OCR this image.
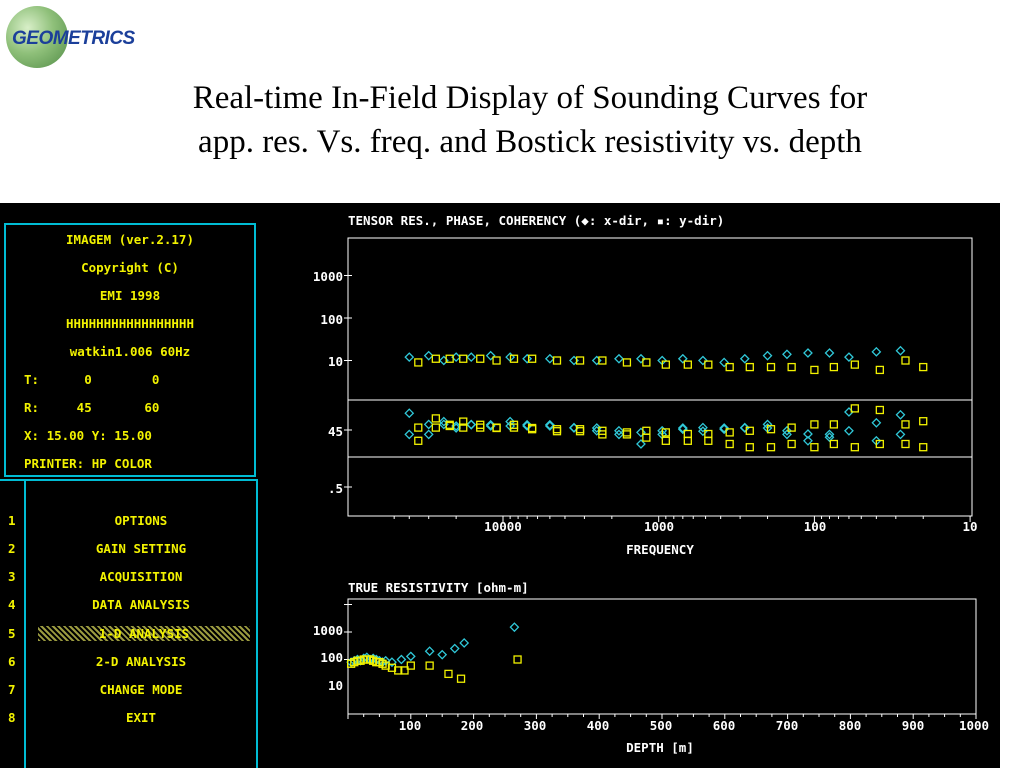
GEOMETRICS
Real-time In-Field Display of Sounding Curves for
app. res. Vs. freq. and Bostick resistivity vs. depth
IMAGEM (ver.2.17)
Copyright (C)
EMI 1998
HHHHHHHHHHHHHHHHH
watkin1.006 60Hz
T:      0        0
R:     45       60
X: 15.00 Y: 15.00
PRINTER: HP COLOR
1	OPTIONS
2	GAIN SETTING
3	ACQUISITION
4	DATA ANALYSIS
5	1-D ANALYSIS
6	2-D ANALYSIS
7	CHANGE MODE
8	EXIT
TENSOR RES., PHASE, COHERENCY (◆: x-dir, ▪: y-dir)
1000
100
10
45
.5
10000	1000	100	10
FREQUENCY
TRUE RESISTIVITY [ohm-m]
1000
100
10
100	200	300	400	500	600	700	800	900	1000
DEPTH [m]
